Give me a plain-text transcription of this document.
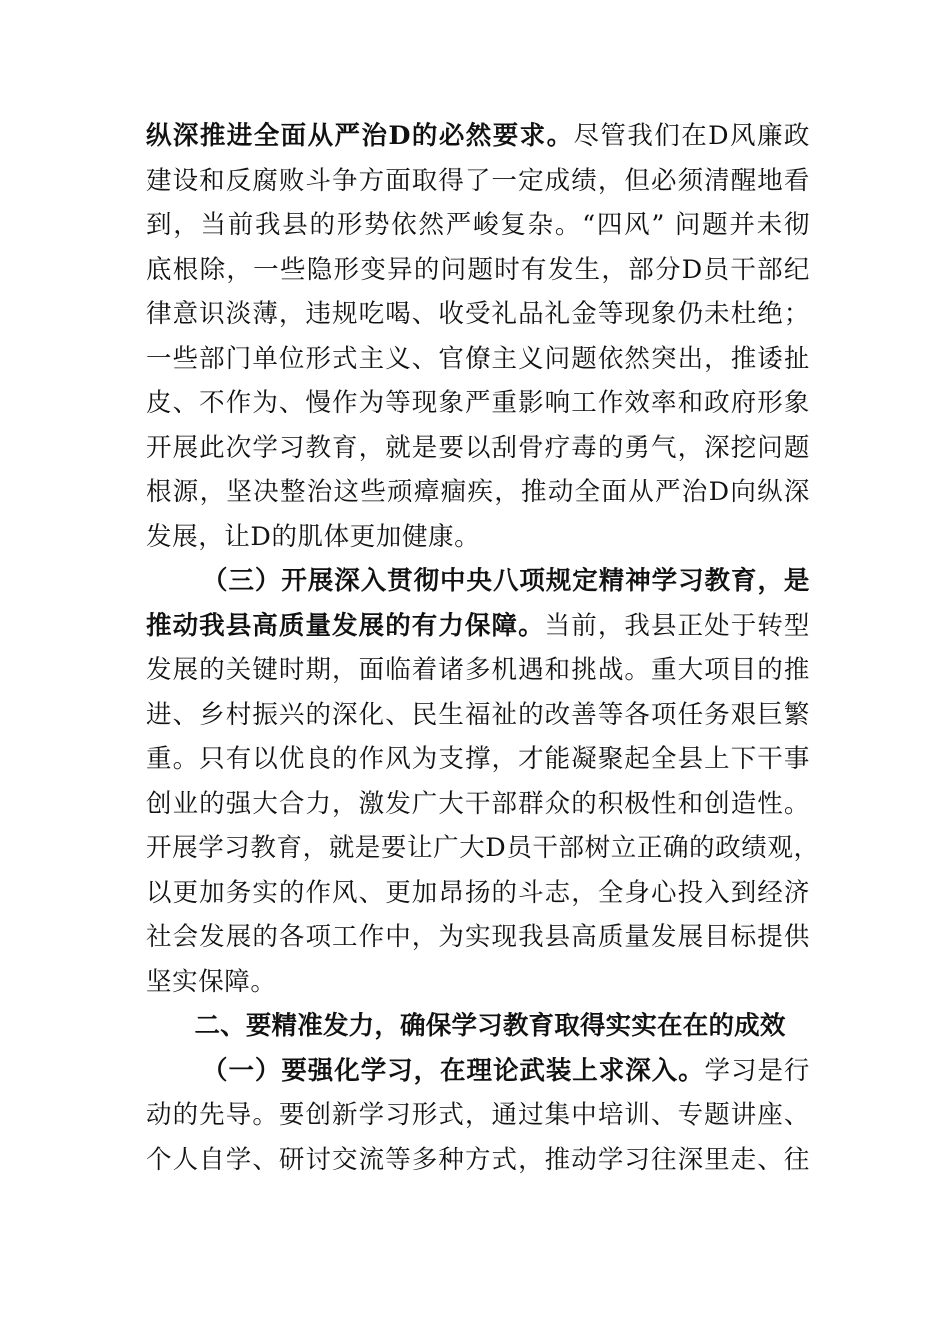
纵深推进全面从严治D的必然要求。尽管我们在D风廉政
建设和反腐败斗争方面取得了一定成绩，但必须清醒地看
到，当前我县的形势依然严峻复杂。“四风” 问题并未彻
底根除，一些隐形变异的问题时有发生，部分D员干部纪
律意识淡薄，违规吃喝、收受礼品礼金等现象仍未杜绝；
一些部门单位形式主义、官僚主义问题依然突出，推诿扯
皮、不作为、慢作为等现象严重影响工作效率和政府形象
开展此次学习教育，就是要以刮骨疗毒的勇气，深挖问题
根源，坚决整治这些顽瘴痼疾，推动全面从严治D向纵深
发展，让D的肌体更加健康。
（三）开展深入贯彻中央八项规定精神学习教育，是
推动我县高质量发展的有力保障。当前，我县正处于转型
发展的关键时期，面临着诸多机遇和挑战。重大项目的推
进、乡村振兴的深化、民生福祉的改善等各项任务艰巨繁
重。只有以优良的作风为支撑，才能凝聚起全县上下干事
创业的强大合力，激发广大干部群众的积极性和创造性。
开展学习教育，就是要让广大D员干部树立正确的政绩观，
以更加务实的作风、更加昂扬的斗志，全身心投入到经济
社会发展的各项工作中，为实现我县高质量发展目标提供
坚实保障。
二、要精准发力，确保学习教育取得实实在在的成效
（一）要强化学习，在理论武装上求深入。学习是行
动的先导。要创新学习形式，通过集中培训、专题讲座、
个人自学、研讨交流等多种方式，推动学习往深里走、往
